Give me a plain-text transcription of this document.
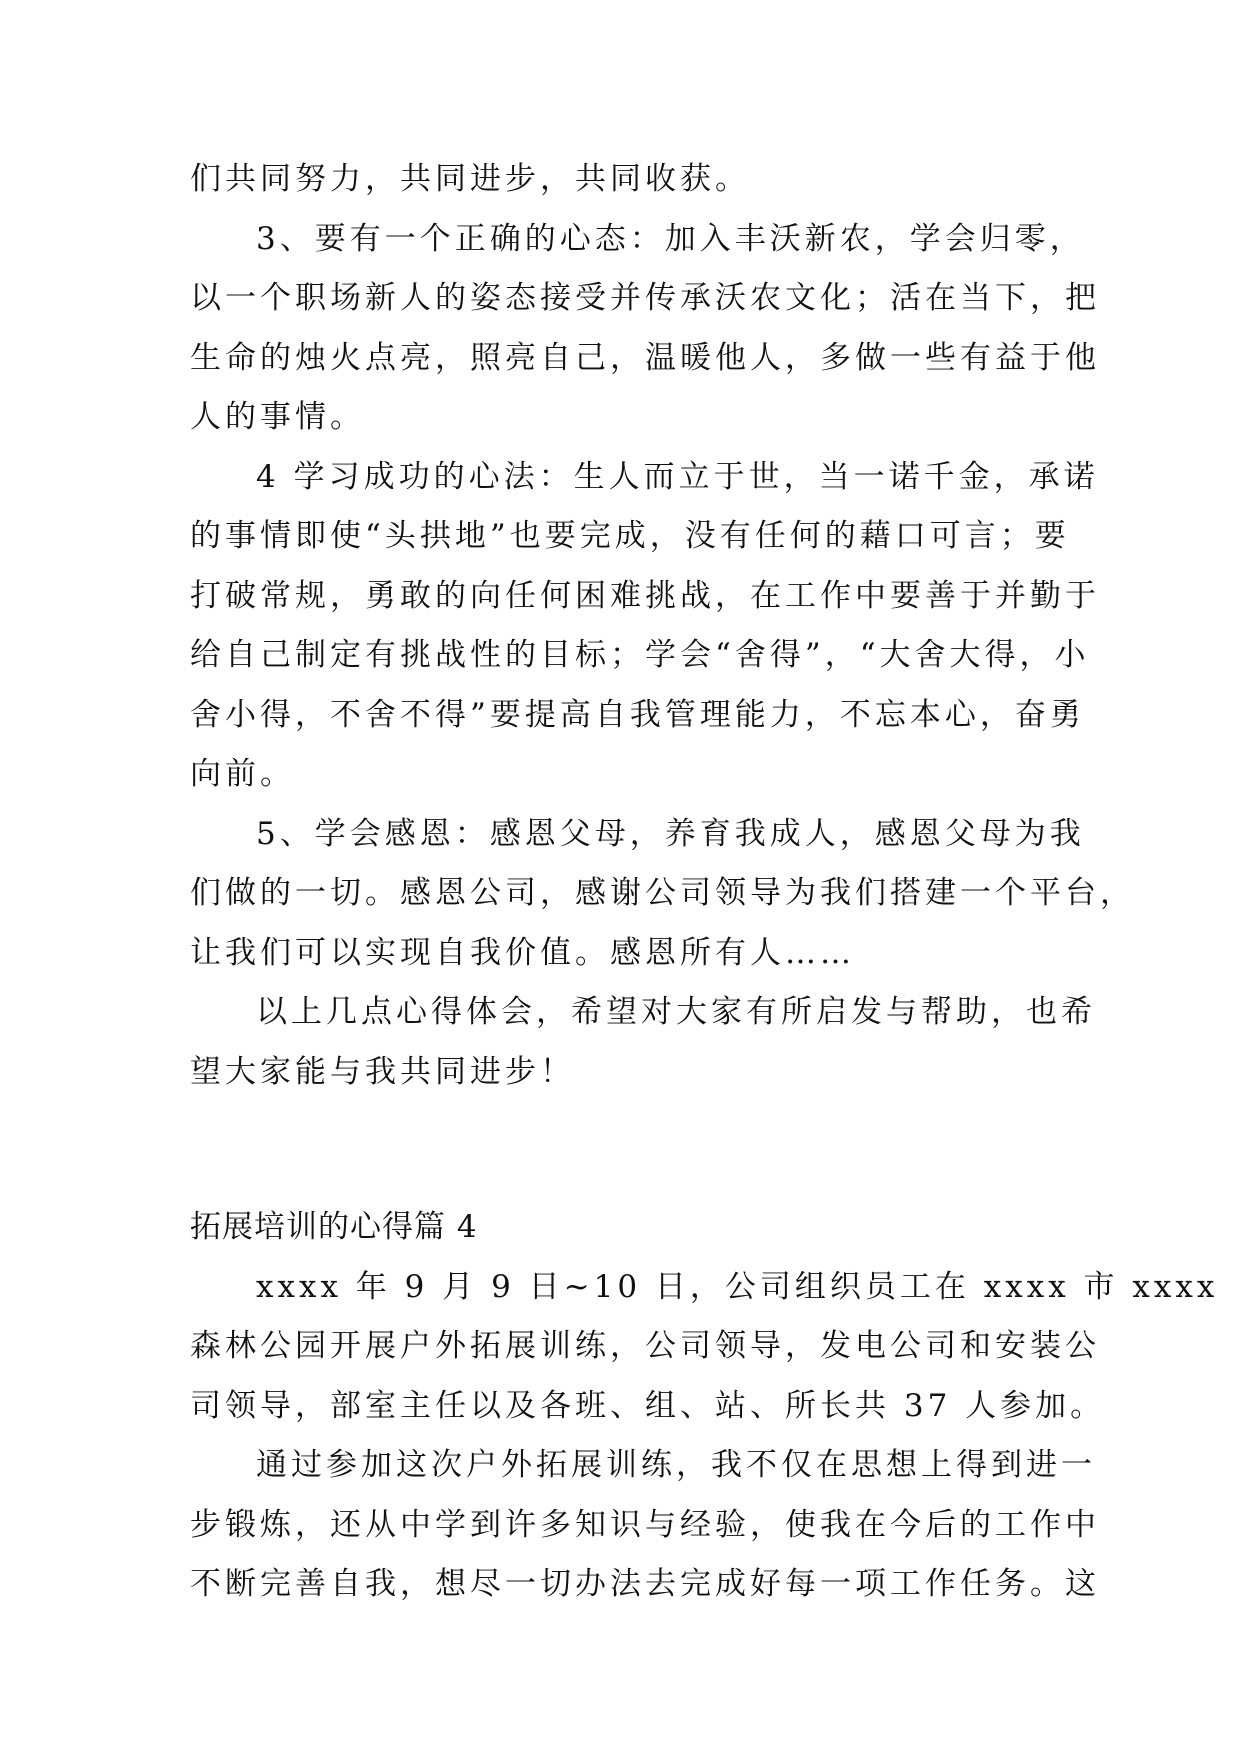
们共同努力，共同进步，共同收获。
3、要有一个正确的心态：加入丰沃新农，学会归零，
以一个职场新人的姿态接受并传承沃农文化；活在当下，把
生命的烛火点亮，照亮自己，温暖他人，多做一些有益于他
人的事情。
4 学习成功的心法：生人而立于世，当一诺千金，承诺
的事情即使“头拱地”也要完成，没有任何的藉口可言；要
打破常规，勇敢的向任何困难挑战，在工作中要善于并勤于
给自己制定有挑战性的目标；学会“舍得”，“大舍大得，小
舍小得，不舍不得”要提高自我管理能力，不忘本心，奋勇
向前。
5、学会感恩：感恩父母，养育我成人，感恩父母为我
们做的一切。感恩公司，感谢公司领导为我们搭建一个平台，
让我们可以实现自我价值。感恩所有人……
以上几点心得体会，希望对大家有所启发与帮助，也希
望大家能与我共同进步！
拓展培训的心得篇 4
xxxx 年 9 月 9 日~10 日，公司组织员工在 xxxx 市 xxxx
森林公园开展户外拓展训练，公司领导，发电公司和安装公
司领导，部室主任以及各班、组、站、所长共 37 人参加。
通过参加这次户外拓展训练，我不仅在思想上得到进一
步锻炼，还从中学到许多知识与经验，使我在今后的工作中
不断完善自我，想尽一切办法去完成好每一项工作任务。这
